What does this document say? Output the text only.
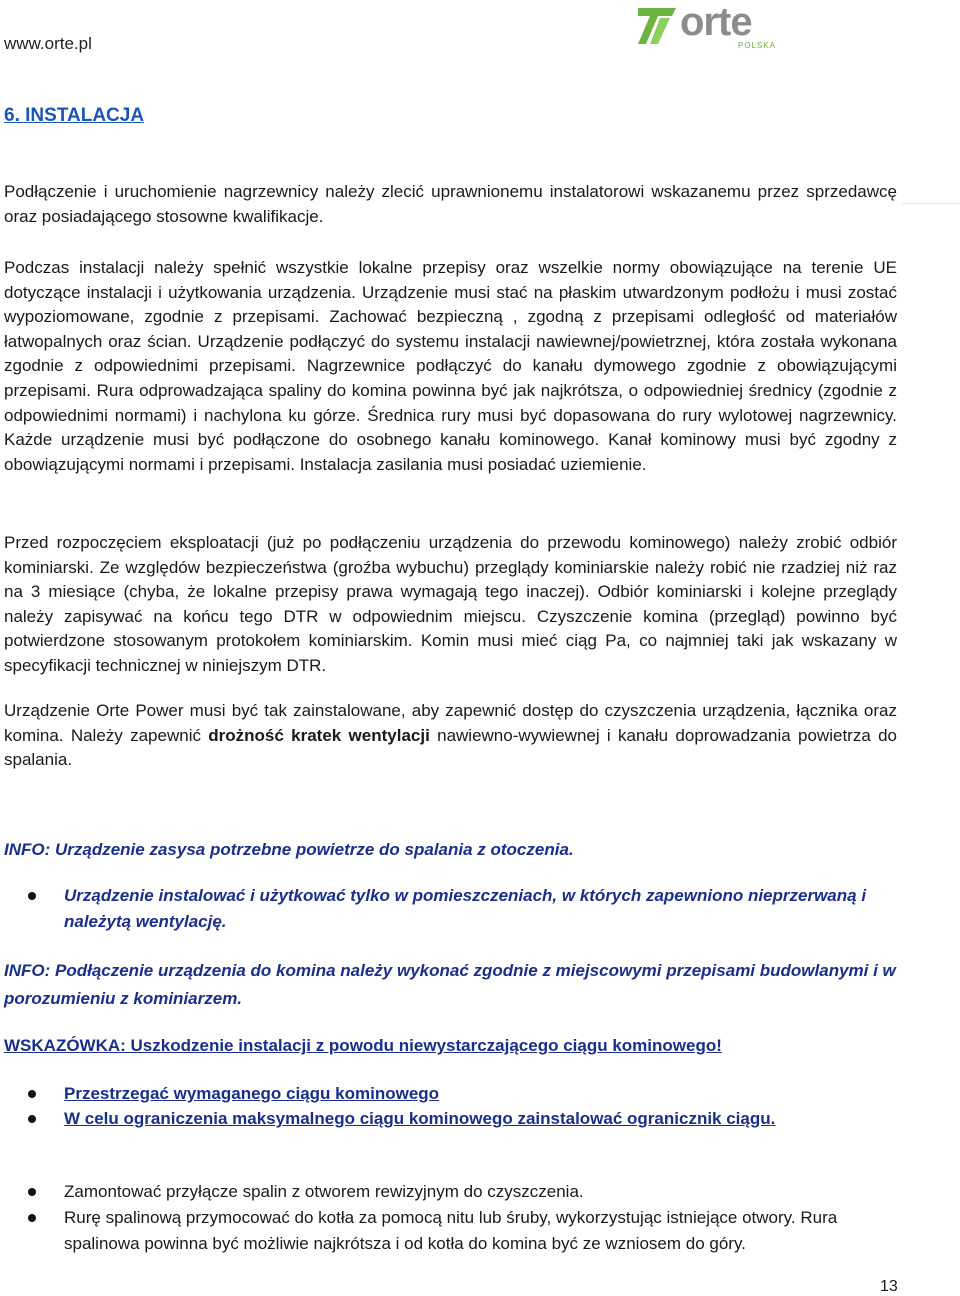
www.orte.pl	orte
POLSKA
6. INSTALACJA

Podłączenie i uruchomienie nagrzewnicy należy zlecić uprawnionemu instalatorowi wskazanemu przez sprzedawcę oraz posiadającego stosowne kwalifikacje.

Podczas instalacji należy spełnić wszystkie lokalne przepisy oraz wszelkie normy obowiązujące na terenie UE dotyczące instalacji i użytkowania urządzenia. Urządzenie musi stać na płaskim utwardzonym podłożu i musi zostać wypoziomowane, zgodnie z przepisami. Zachować bezpieczną , zgodną z przepisami odległość od materiałów łatwopalnych oraz ścian. Urządzenie podłączyć do systemu instalacji nawiewnej/powietrznej, która została wykonana zgodnie z odpowiednimi przepisami. Nagrzewnice podłączyć do kanału dymowego zgodnie z obowiązującymi przepisami. Rura odprowadzająca spaliny do komina powinna być jak najkrótsza, o odpowiedniej średnicy (zgodnie z odpowiednimi normami) i nachylona ku górze. Średnica rury musi być dopasowana do rury wylotowej nagrzewnicy. Każde urządzenie musi być podłączone do osobnego kanału kominowego. Kanał kominowy musi być zgodny z obowiązującymi normami i przepisami. Instalacja zasilania musi posiadać uziemienie.

Przed rozpoczęciem eksploatacji (już po podłączeniu urządzenia do przewodu kominowego) należy zrobić odbiór kominiarski. Ze względów bezpieczeństwa (groźba wybuchu) przeglądy kominiarskie należy robić nie rzadziej niż raz na 3 miesiące (chyba, że lokalne przepisy prawa wymagają tego inaczej). Odbiór kominiarski i kolejne przeglądy należy zapisywać na końcu tego DTR w odpowiednim miejscu. Czyszczenie komina (przegląd) powinno być potwierdzone stosowanym protokołem kominiarskim. Komin musi mieć ciąg Pa, co najmniej taki jak wskazany w specyfikacji technicznej w niniejszym DTR.

Urządzenie Orte Power musi być tak zainstalowane, aby zapewnić dostęp do czyszczenia urządzenia, łącznika oraz komina. Należy zapewnić drożność kratek wentylacji nawiewno-wywiewnej i kanału doprowadzania powietrza do spalania.

INFO: Urządzenie zasysa potrzebne powietrze do spalania z otoczenia.

Urządzenie instalować i użytkować tylko w pomieszczeniach, w których zapewniono nieprzerwaną i należytą wentylację.

INFO: Podłączenie urządzenia do komina należy wykonać zgodnie z miejscowymi przepisami budowlanymi i w porozumieniu z kominiarzem.

WSKAZÓWKA: Uszkodzenie instalacji z powodu niewystarczającego ciągu kominowego!
Przestrzegać wymaganego ciągu kominowego
W celu ograniczenia maksymalnego ciągu kominowego zainstalować ogranicznik ciągu.
Zamontować przyłącze spalin z otworem rewizyjnym do czyszczenia.
Rurę spalinową przymocować do kotła za pomocą nitu lub śruby, wykorzystując istniejące otwory. Rura spalinowa powinna być możliwie najkrótsza i od kotła do komina być ze wzniosem do góry.
13
